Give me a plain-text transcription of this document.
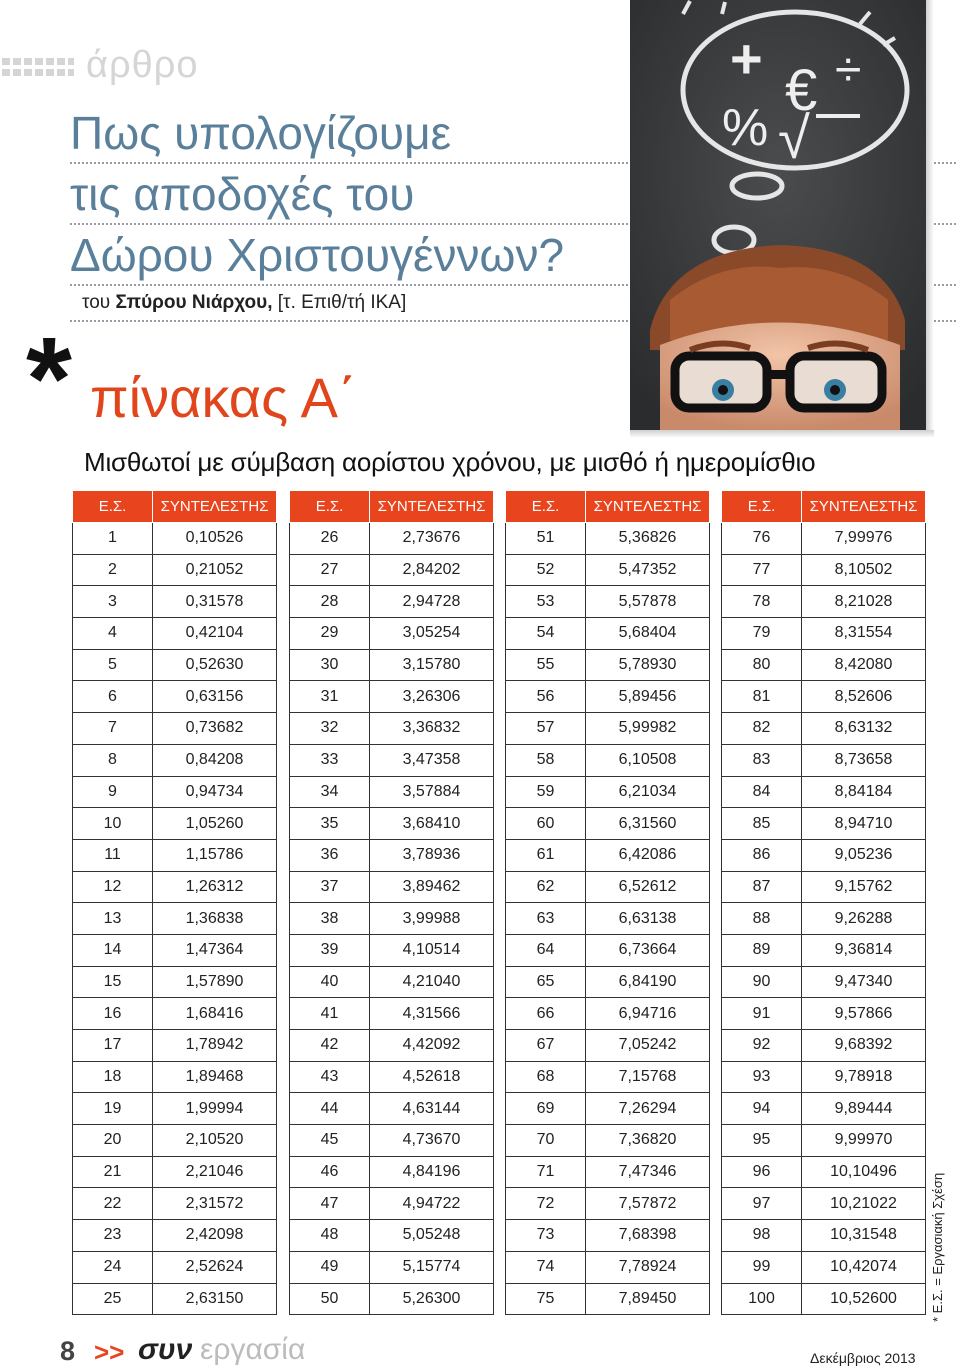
άρθρο
Πως υπολογίζουμε
τις αποδοχές του
Δώρου Χριστουγέννων?
του Σπύρου Νιάρχου, [τ. Επιθ/τή ΙΚΑ]
+ € ÷
% √
* πίνακας Α΄
Μισθωτοί με σύμβαση αορίστου χρόνου, με μισθό ή ημερομίσθιο
Ε.Σ.	ΣΥΝΤΕΛΕΣΤΗΣ
1	0,10526
2	0,21052
3	0,31578
4	0,42104
5	0,52630
6	0,63156
7	0,73682
8	0,84208
9	0,94734
10	1,05260
11	1,15786
12	1,26312
13	1,36838
14	1,47364
15	1,57890
16	1,68416
17	1,78942
18	1,89468
19	1,99994
20	2,10520
21	2,21046
22	2,31572
23	2,42098
24	2,52624
25	2,63150
Ε.Σ.	ΣΥΝΤΕΛΕΣΤΗΣ
26	2,73676
27	2,84202
28	2,94728
29	3,05254
30	3,15780
31	3,26306
32	3,36832
33	3,47358
34	3,57884
35	3,68410
36	3,78936
37	3,89462
38	3,99988
39	4,10514
40	4,21040
41	4,31566
42	4,42092
43	4,52618
44	4,63144
45	4,73670
46	4,84196
47	4,94722
48	5,05248
49	5,15774
50	5,26300
Ε.Σ.	ΣΥΝΤΕΛΕΣΤΗΣ
51	5,36826
52	5,47352
53	5,57878
54	5,68404
55	5,78930
56	5,89456
57	5,99982
58	6,10508
59	6,21034
60	6,31560
61	6,42086
62	6,52612
63	6,63138
64	6,73664
65	6,84190
66	6,94716
67	7,05242
68	7,15768
69	7,26294
70	7,36820
71	7,47346
72	7,57872
73	7,68398
74	7,78924
75	7,89450
Ε.Σ.	ΣΥΝΤΕΛΕΣΤΗΣ
76	7,99976
77	8,10502
78	8,21028
79	8,31554
80	8,42080
81	8,52606
82	8,63132
83	8,73658
84	8,84184
85	8,94710
86	9,05236
87	9,15762
88	9,26288
89	9,36814
90	9,47340
91	9,57866
92	9,68392
93	9,78918
94	9,89444
95	9,99970
96	10,10496
97	10,21022
98	10,31548
99	10,42074
100	10,52600	* Ε.Σ. = Εργασιακή Σχέση
8 >> συν εργασία	Δεκέμβριος 2013
